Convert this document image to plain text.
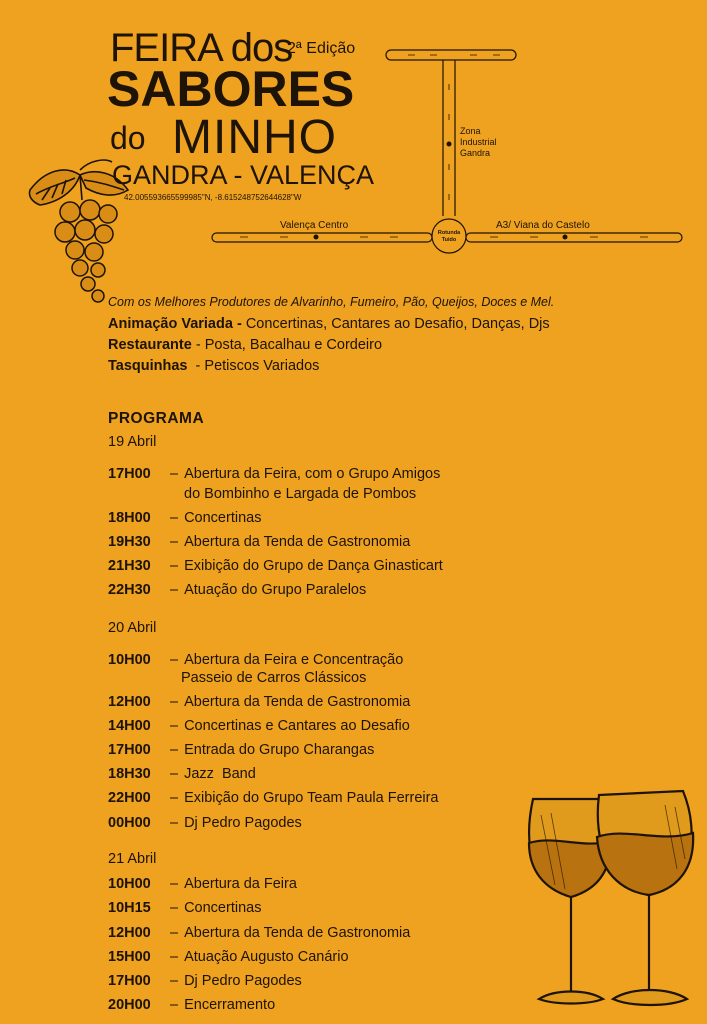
FEIRA dos
2ª Edição
SABORES
do MINHO
GANDRA - VALENÇA
42.005593665599985"N, -8.615248752644628"W
Valença Centro	A3/ Viana do Castelo
Rotunda
Tuido
Zona
Industrial
Gandra
Com os Melhores Produtores de Alvarinho, Fumeiro, Pão, Queijos, Doces e Mel.
Animação Variada - Concertinas, Cantares ao Desafio, Danças, Djs
Restaurante - Posta, Bacalhau e Cordeiro
Tasquinhas  - Petiscos Variados
PROGRAMA
19 Abril
17H00 – Abertura da Feira, com o Grupo Amigos
do Bombinho e Largada de Pombos
18H00 – Concertinas
19H30 – Abertura da Tenda de Gastronomia
21H30 – Exibição do Grupo de Dança Ginasticart
22H30 – Atuação do Grupo Paralelos
20 Abril
10H00 – Abertura da Feira e Concentração
Passeio de Carros Clássicos
12H00 – Abertura da Tenda de Gastronomia
14H00 – Concertinas e Cantares ao Desafio
17H00 – Entrada do Grupo Charangas
18H30 – Jazz  Band
22H00 – Exibição do Grupo Team Paula Ferreira
00H00 – Dj Pedro Pagodes
21 Abril
10H00 – Abertura da Feira
10H15 – Concertinas
12H00 – Abertura da Tenda de Gastronomia
15H00 – Atuação Augusto Canário
17H00 – Dj Pedro Pagodes
20H00 – Encerramento
